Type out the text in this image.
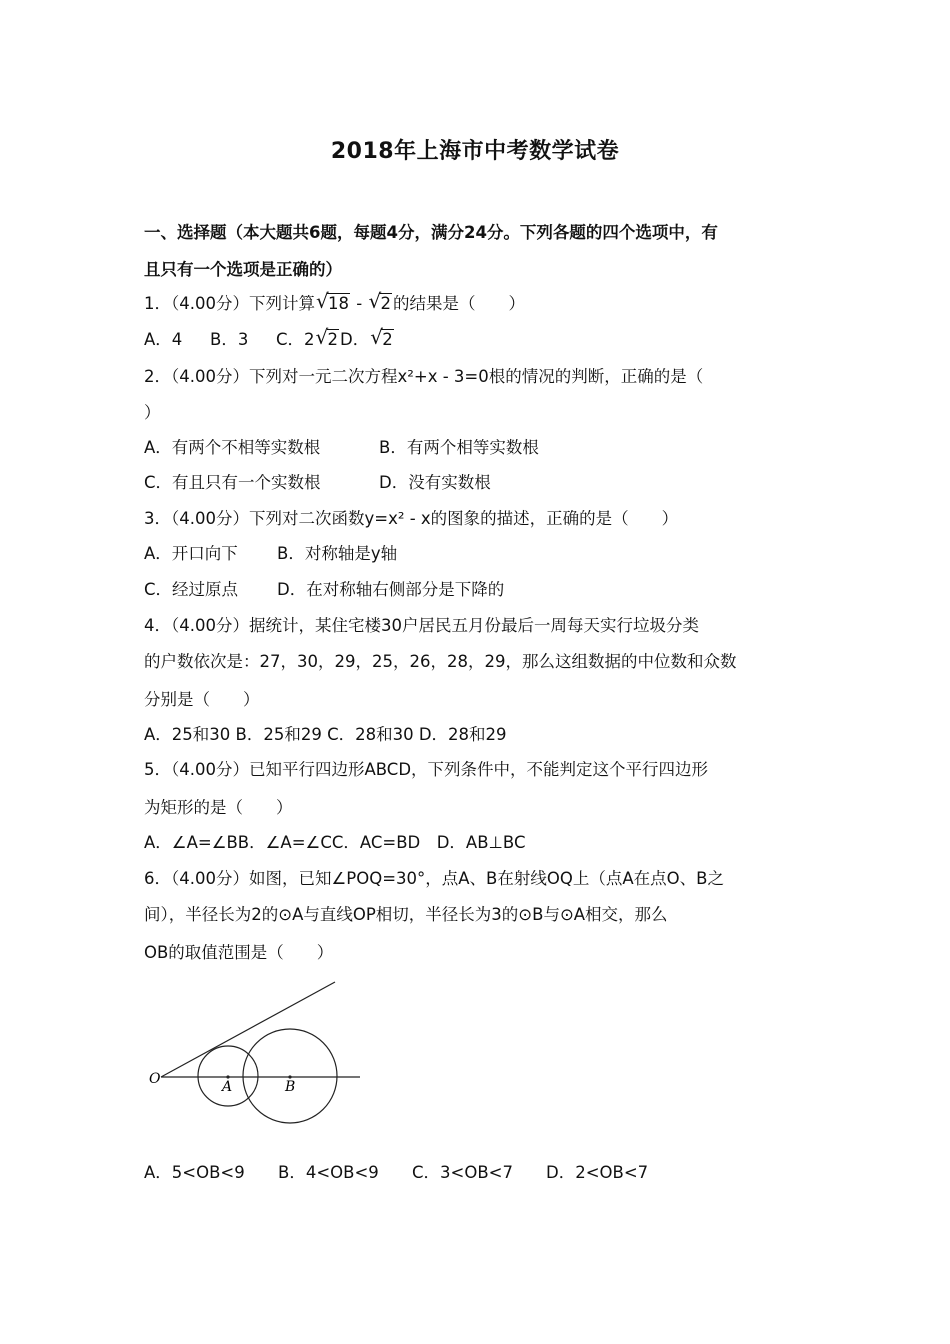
2018年上海市中考数学试卷
一、选择题（本大题共6题，每题4分，满分24分。下列各题的四个选项中，有
且只有一个选项是正确的）
1．（4.00分）下列计算 √ 18 - √ 2 的结果是（　　）
A．4 B．3 C．2 √ 2 D． √ 2
2．（4.00分）下列对一元二次方程x²+x - 3=0根的情况的判断，正确的是（
）
A．有两个不相等实数根	B．有两个相等实数根
C．有且只有一个实数根	D．没有实数根
3．（4.00分）下列对二次函数y=x² - x的图象的描述，正确的是（　　）
A．开口向下 B．对称轴是y轴
C．经过原点 D．在对称轴右侧部分是下降的
4．（4.00分）据统计，某住宅楼30户居民五月份最后一周每天实行垃圾分类
的户数依次是：27，30，29，25，26，28，29，那么这组数据的中位数和众数
分别是（　　）
A．25和30 B．25和29 C．28和30 D．28和29
5．（4.00分）已知平行四边形ABCD，下列条件中，不能判定这个平行四边形
为矩形的是（　　）
A．∠A=∠BB．∠A=∠CC．AC=BD　D．AB⊥BC
6．（4.00分）如图，已知∠POQ=30°，点A、B在射线OQ上（点A在点O、B之
间），半径长为2的⊙A与直线OP相切，半径长为3的⊙B与⊙A相交，那么
OB的取值范围是（　　）
O	A	B
A．5<OB<9 B．4<OB<9 C．3<OB<7 D．2<OB<7
